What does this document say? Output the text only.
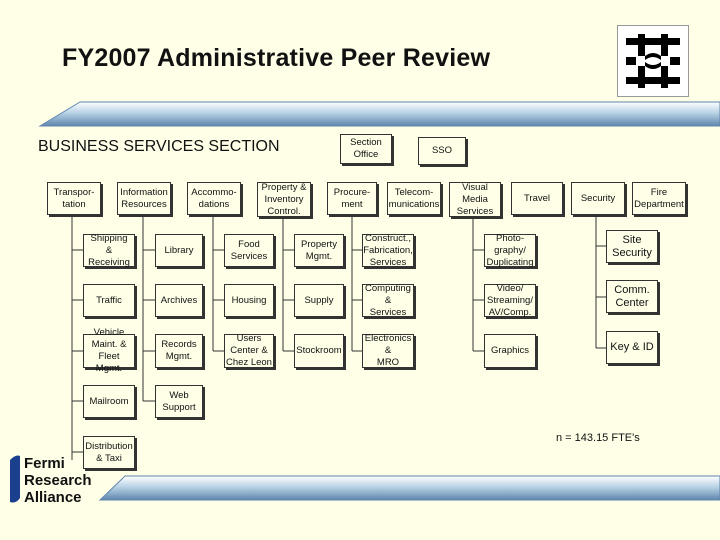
FY2007 Administrative Peer Review
BUSINESS SERVICES SECTION	Section
Office	SSO
Transpor-
tation
Information
Resources
Accommo-
dations
Property &
Inventory
Control.
Procure-
ment
Telecom-
munications
Visual
Media
Services
Travel	Security
Fire
Department
Shipping
&
Receiving
Traffic
Vehicle
Maint. &
Fleet Mgmt.
Mailroom
Distribution
& Taxi
Library
Archives
Records
Mgmt.
Web
Support
Food
Services
Housing
Users
Center &
Chez Leon
Property
Mgmt.
Supply
Stockroom
Construct.,
Fabrication,
Services
Computing
&
Services
Electronics
&
MRO
Photo-
graphy/
Duplicating
Video/
Streaming/
AV/Comp.
Graphics
Site
Security
Comm.
Center
Key & ID
n = 143.15 FTE's
Fermi
Research
Alliance
